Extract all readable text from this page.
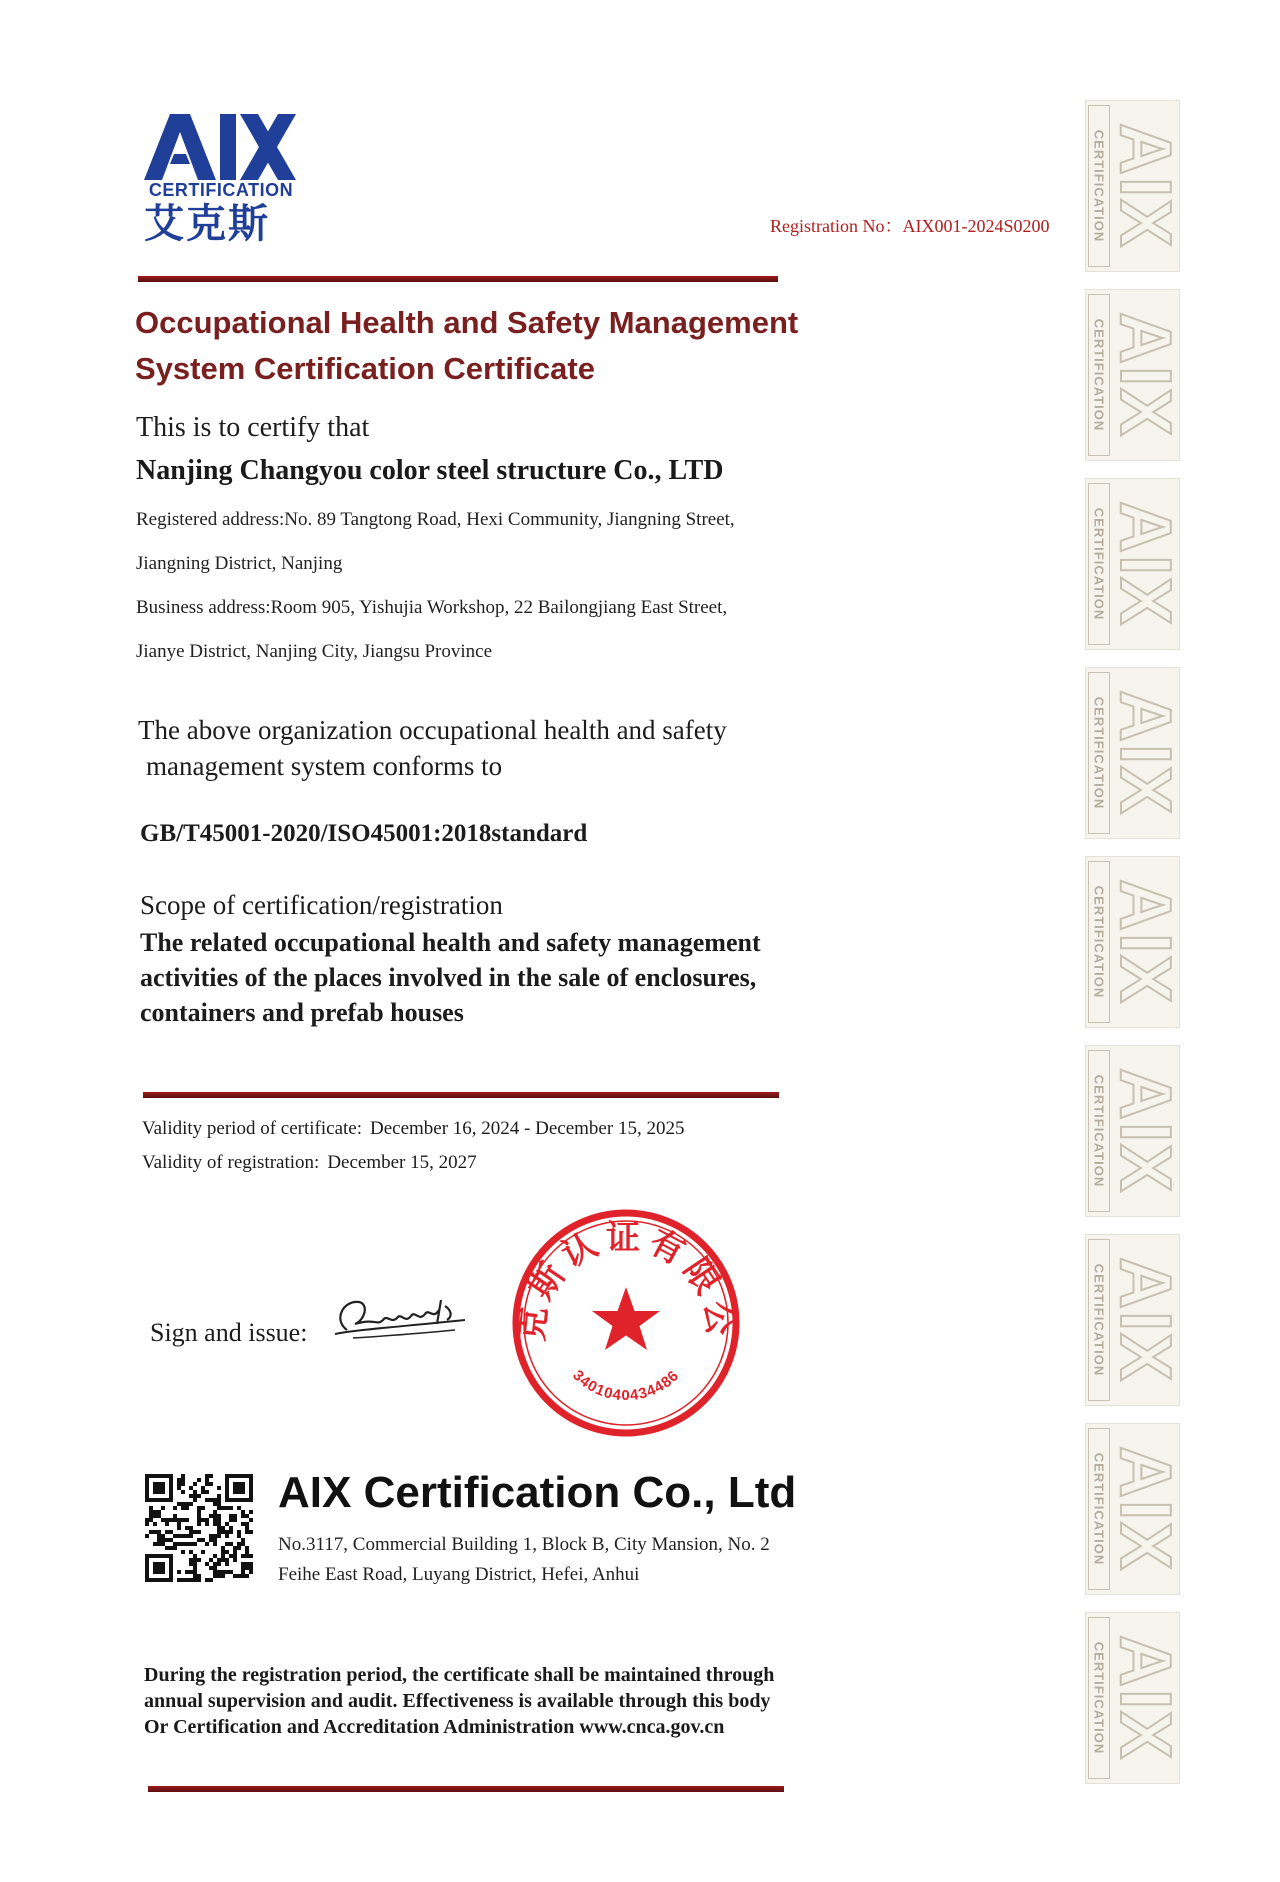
CERTIFICATION
艾克斯	Registration No：AIX001-2024S0200
Occupational Health and Safety Management
System Certification Certificate
This is to certify that
Nanjing Changyou color steel structure Co., LTD
Registered address:No. 89 Tangtong Road, Hexi Community, Jiangning Street,
Jiangning District, Nanjing
Business address:Room 905, Yishujia Workshop, 22 Bailongjiang East Street,
Jianye District, Nanjing City, Jiangsu Province
The above organization occupational health and safety
management system conforms to
GB/T45001-2020/ISO45001:2018standard
Scope of certification/registration
The related occupational health and safety management
activities of the places involved in the sale of enclosures,
containers and prefab houses
Validity period of certificate: December 16, 2024 - December 15, 2025
Validity of registration: December 15, 2027
Sign and issue:	克斯认证有限公
3401040434486
AIX Certification Co., Ltd
No.3117, Commercial Building 1, Block B, City Mansion, No. 2
Feihe East Road, Luyang District, Hefei, Anhui
During the registration period, the certificate shall be maintained through
annual supervision and audit. Effectiveness is available through this body
Or Certification and Accreditation Administration www.cnca.gov.cn
CERTIFICATION
AIX
CERTIFICATION
AIX
CERTIFICATION
AIX
CERTIFICATION
AIX
CERTIFICATION
AIX
CERTIFICATION
AIX
CERTIFICATION
AIX
CERTIFICATION
AIX
CERTIFICATION
AIX
